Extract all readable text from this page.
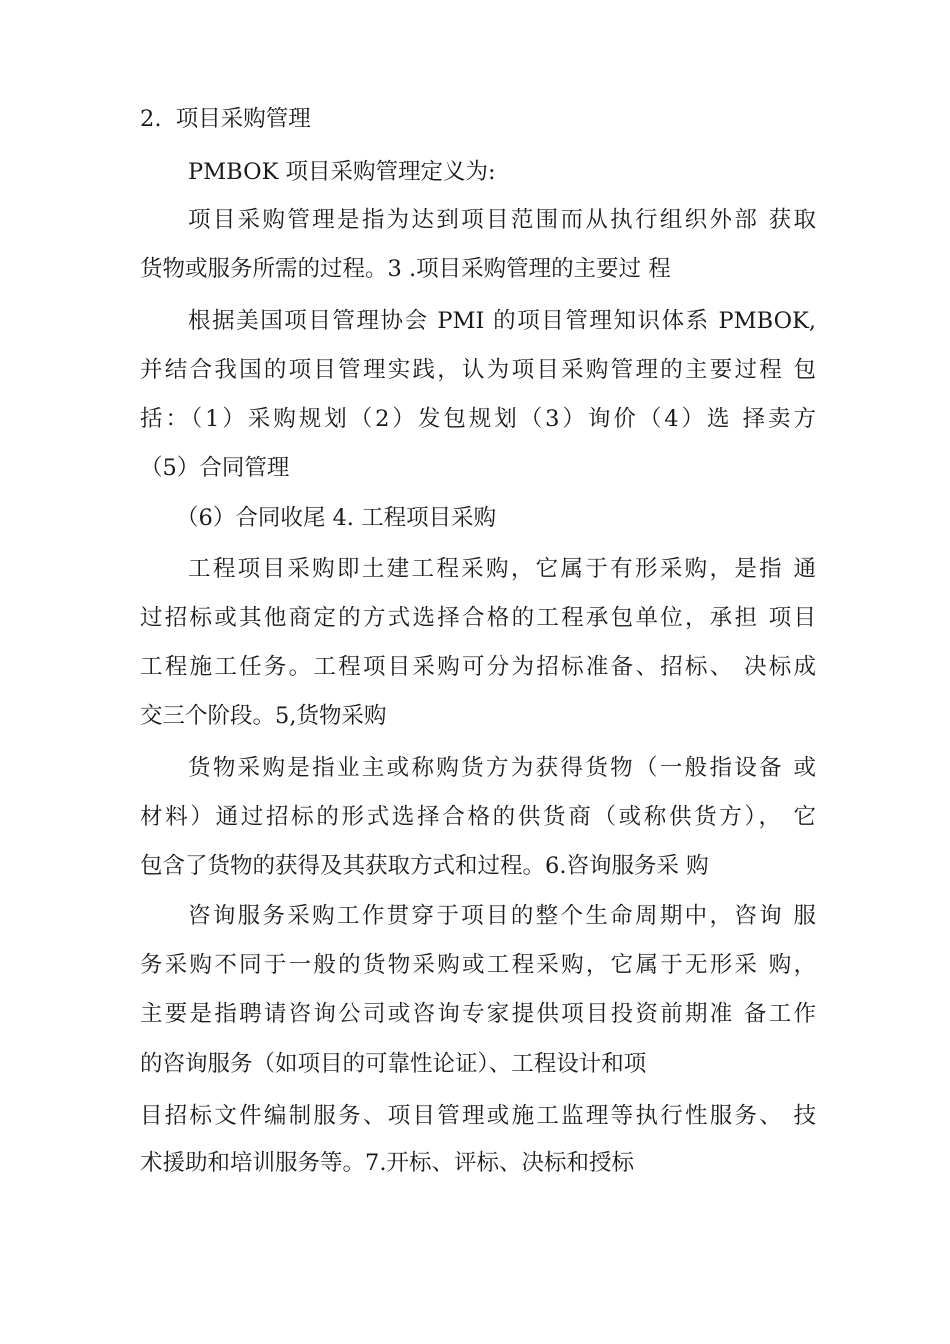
2.  项目采购管理
PMBOK 项目采购管理定义为:
项目采购管理是指为达到项目范围而从执行组织外部 获取
货物或服务所需的过程。3 .项目采购管理的主要过 程
根据美国项目管理协会 PMI 的项目管理知识体系 PMBOK,
并结合我国的项目管理实践，认为项目采购管理的主要过程 包
括：（1）采购规划（2）发包规划（3）询价（4）选 择卖方
（5）合同管理
（6）合同收尾 4. 工程项目采购
工程项目采购即土建工程采购，它属于有形采购，是指 通
过招标或其他商定的方式选择合格的工程承包单位，承担 项目
工程施工任务。工程项目采购可分为招标准备、招标、 决标成
交三个阶段。5,货物采购
货物采购是指业主或称购货方为获得货物（一般指设备 或
材料）通过招标的形式选择合格的供货商（或称供货方）， 它
包含了货物的获得及其获取方式和过程。6.咨询服务采 购
咨询服务采购工作贯穿于项目的整个生命周期中，咨询 服
务采购不同于一般的货物采购或工程采购，它属于无形采 购，
主要是指聘请咨询公司或咨询专家提供项目投资前期准 备工作
的咨询服务（如项目的可靠性论证）、工程设计和项
目招标文件编制服务、项目管理或施工监理等执行性服务、 技
术援助和培训服务等。7.开标、评标、决标和授标
